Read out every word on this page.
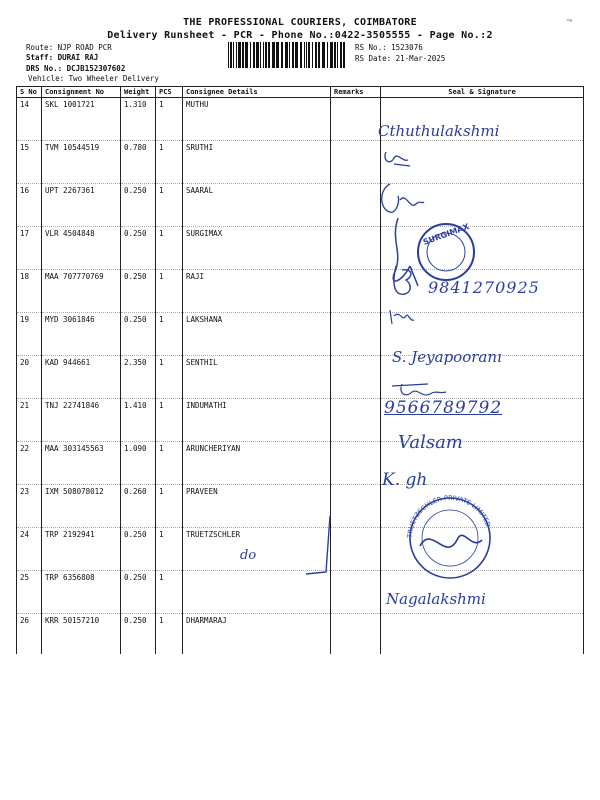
THE PROFESSIONAL COURIERS, COIMBATORE
Delivery Runsheet - PCR - Phone No.:0422-3505555 - Page No.:2
¬
Route: NJP ROAD PCR
Staff: DURAI RAJ
DRS No.: DCJB152307602
Vehicle: Two Wheeler Delivery
RS No.: 1523076
RS Date: 21-Mar-2025
S No	Consignment No	Weight	PCS	Consignee Details	Remarks	Seal & Signature
14	SKL 1001721	1.310	1	MUTHU		
15	TVM 10544519	0.780	1	SRUTHI		
16	UPT 2267361	0.250	1	SAARAL		
17	VLR 4504848	0.250	1	SURGIMAX		
18	MAA 707770769	0.250	1	RAJI		
19	MYD 3061846	0.250	1	LAKSHANA		
20	KAD 944661	2.350	1	SENTHIL		
21	TNJ 22741846	1.410	1	INDUMATHI		
22	MAA 303145563	1.090	1	ARUNCHERIYAN		
23	IXM 508078012	0.260	1	PRAVEEN		
24	TRP 2192941	0.250	1	TRUETZSCHLER		
25	TRP 6356808	0.250	1			
26	KRR 50157210	0.250	1	DHARMARAJ		
Cthuthulakshmi
SURGIMAX
9841270925
S. Jeyapooranı
9566789792
Valsam
K. gh
TRUETZSCHLER PRIVATE LIMITED
do
Nagalakshmi
